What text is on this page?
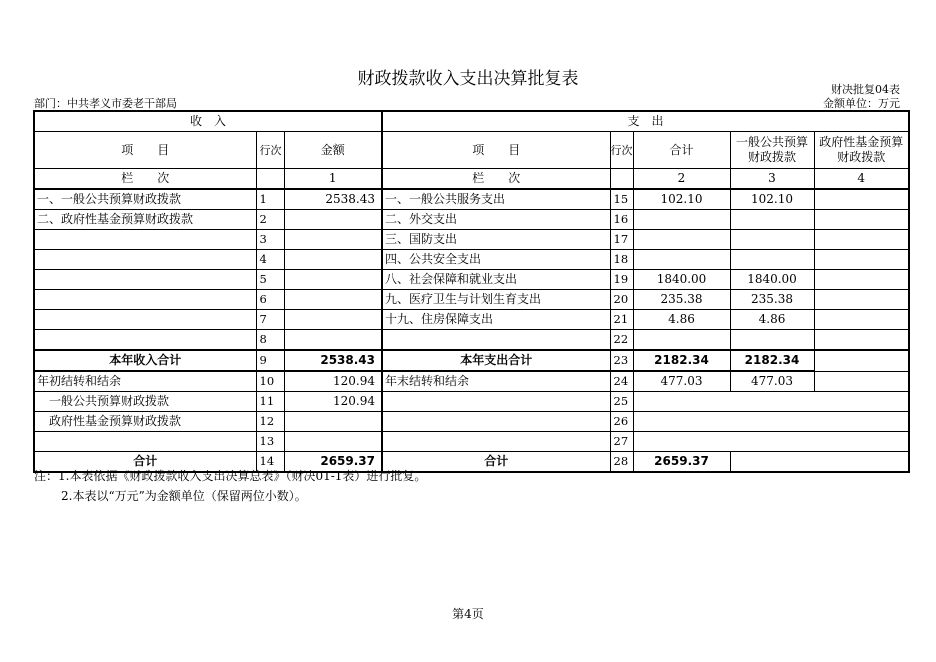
财政拨款收入支出决算批复表
财决批复04表
部门：中共孝义市委老干部局	金额单位：万元
收　入			支　出				
项　　目	行次	金额	项　　目	行次	合计	一般公共预算财政拨款	政府性基金预算财政拨款
栏　　次		1	栏　　次		2	3	4
一、一般公共预算财政拨款	1	2538.43	一、一般公共服务支出	15	102.10	102.10	
二、政府性基金预算财政拨款	2		二、外交支出	16			
	3		三、国防支出	17			
	4		四、公共安全支出	18			
	5		八、社会保障和就业支出	19	1840.00	1840.00	
	6		九、医疗卫生与计划生育支出	20	235.38	235.38	
	7		十九、住房保障支出	21	4.86	4.86	
	8			22			
本年收入合计	9	2538.43	本年支出合计	23	2182.34	2182.34	
年初结转和结余	10	120.94	年末结转和结余	24	477.03	477.03	
　一般公共预算财政拨款	11	120.94		25			
　政府性基金预算财政拨款	12			26			
	13			27			
合计	14	2659.37	合计	28	2659.37		
注：1.本表依据《财政拨款收入支出决算总表》（财决01-1表）进行批复。
2.本表以“万元”为金额单位（保留两位小数）。
第4页
